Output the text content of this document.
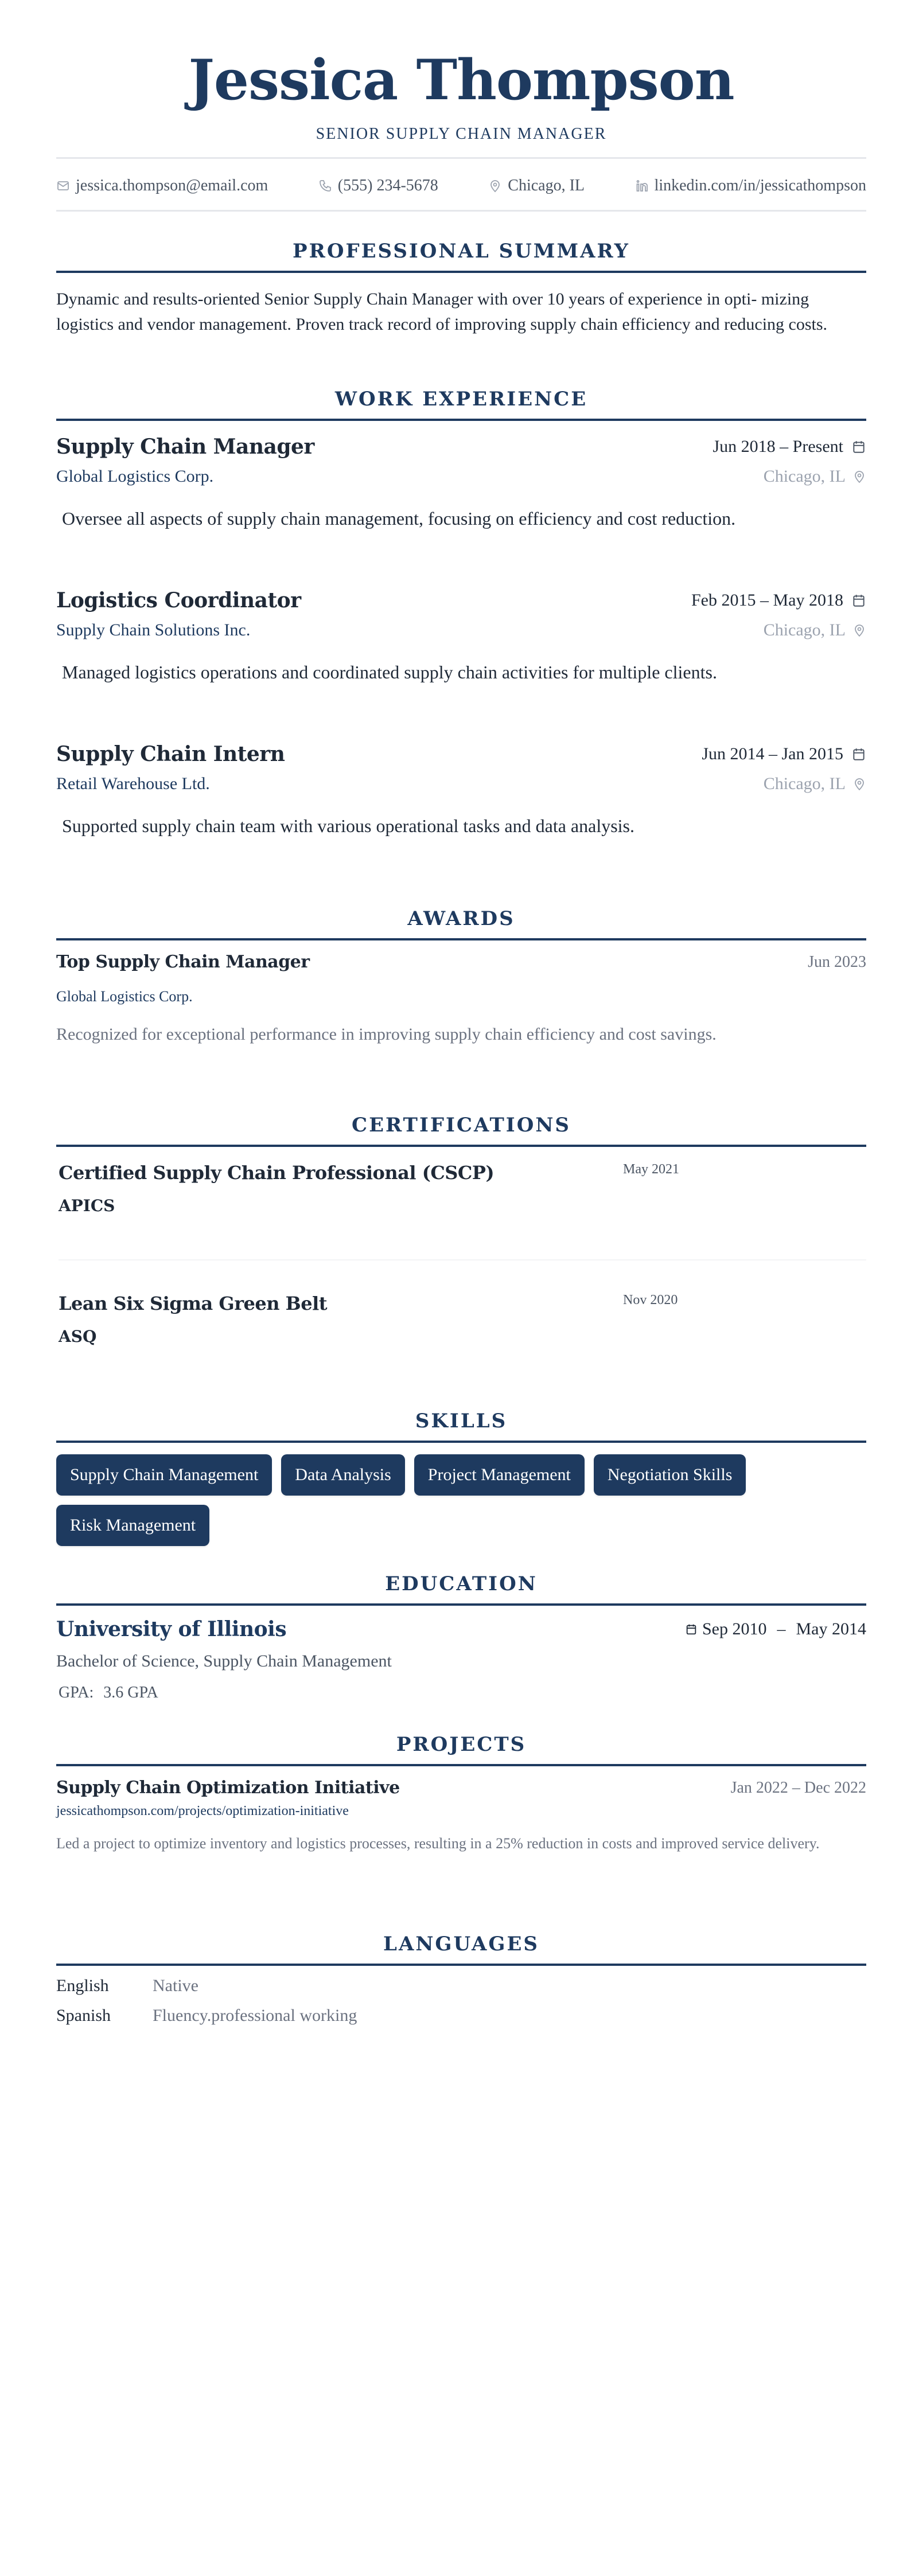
Jessica Thompson
SENIOR SUPPLY CHAIN MANAGER
jessica.thompson@email.com	(555) 234-5678	Chicago, IL	linkedin.com/in/jessicathompson
PROFESSIONAL SUMMARY

Dynamic and results-oriented Senior Supply Chain Manager with over 10 years of experience in opti- mizing logistics and vendor management. Proven track record of improving supply chain efficiency and reducing costs.

WORK EXPERIENCE
Supply Chain Manager	Jun 2018 – Present
Global Logistics Corp.	Chicago, IL
Oversee all aspects of supply chain management, focusing on efficiency and cost reduction.
Logistics Coordinator	Feb 2015 – May 2018
Supply Chain Solutions Inc.	Chicago, IL
Managed logistics operations and coordinated supply chain activities for multiple clients.
Supply Chain Intern	Jun 2014 – Jan 2015
Retail Warehouse Ltd.	Chicago, IL
Supported supply chain team with various operational tasks and data analysis.
AWARDS
Top Supply Chain Manager	Jun 2023
Global Logistics Corp.
Recognized for exceptional performance in improving supply chain efficiency and cost savings.
CERTIFICATIONS
Certified Supply Chain Professional (CSCP)	May 2021
APICS
Lean Six Sigma Green Belt	Nov 2020
ASQ
SKILLS
Supply Chain Management	Data Analysis	Project Management	Negotiation Skills
Risk Management
EDUCATION
University of Illinois	Sep 2010 – May 2014
Bachelor of Science, Supply Chain Management
GPA: 3.6 GPA
PROJECTS
Supply Chain Optimization Initiative	Jan 2022 – Dec 2022
jessicathompson.com/projects/optimization-initiative
Led a project to optimize inventory and logistics processes, resulting in a 25% reduction in costs and improved service delivery.
LANGUAGES
English	Native
Spanish	Fluency.professional working
